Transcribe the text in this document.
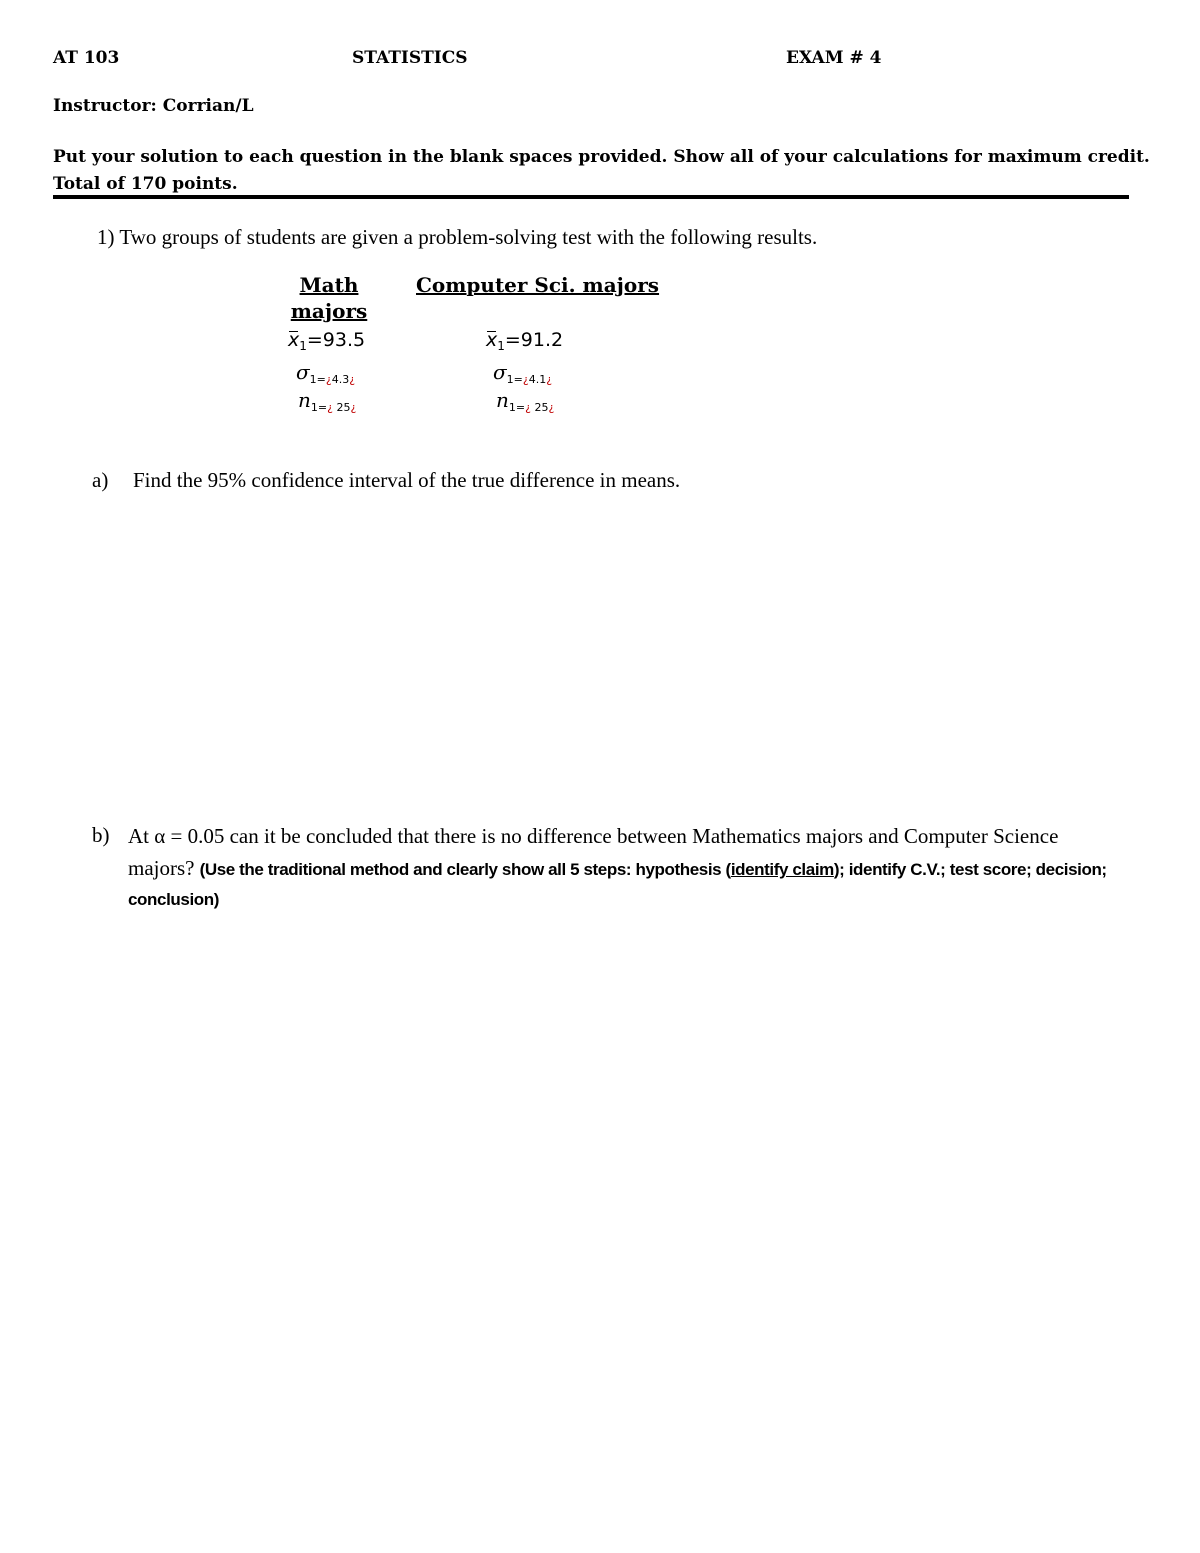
AT 103	STATISTICS	EXAM # 4
Instructor: Corrian/L
Put your solution to each question in the blank spaces provided. Show all of your calculations for maximum credit.
Total of 170 points.
1) Two groups of students are given a problem-solving test with the following results.
Math
majors
$x_1=93.5$
$\sigma_{1=¿4.3¿}$
$n_{1=¿ 25¿}$
Computer Sci. majors
$x_1=91.2$
$\sigma_{1=¿4.1¿}$
$n_{1=¿ 25¿}$
a) Find the 95% confidence interval of the true difference in means.
b) At α = 0.05 can it be concluded that there is no difference between Mathematics majors and Computer Science majors? (Use the traditional method and clearly show all 5 steps: hypothesis (identify claim); identify C.V.; test score; decision; conclusion)
